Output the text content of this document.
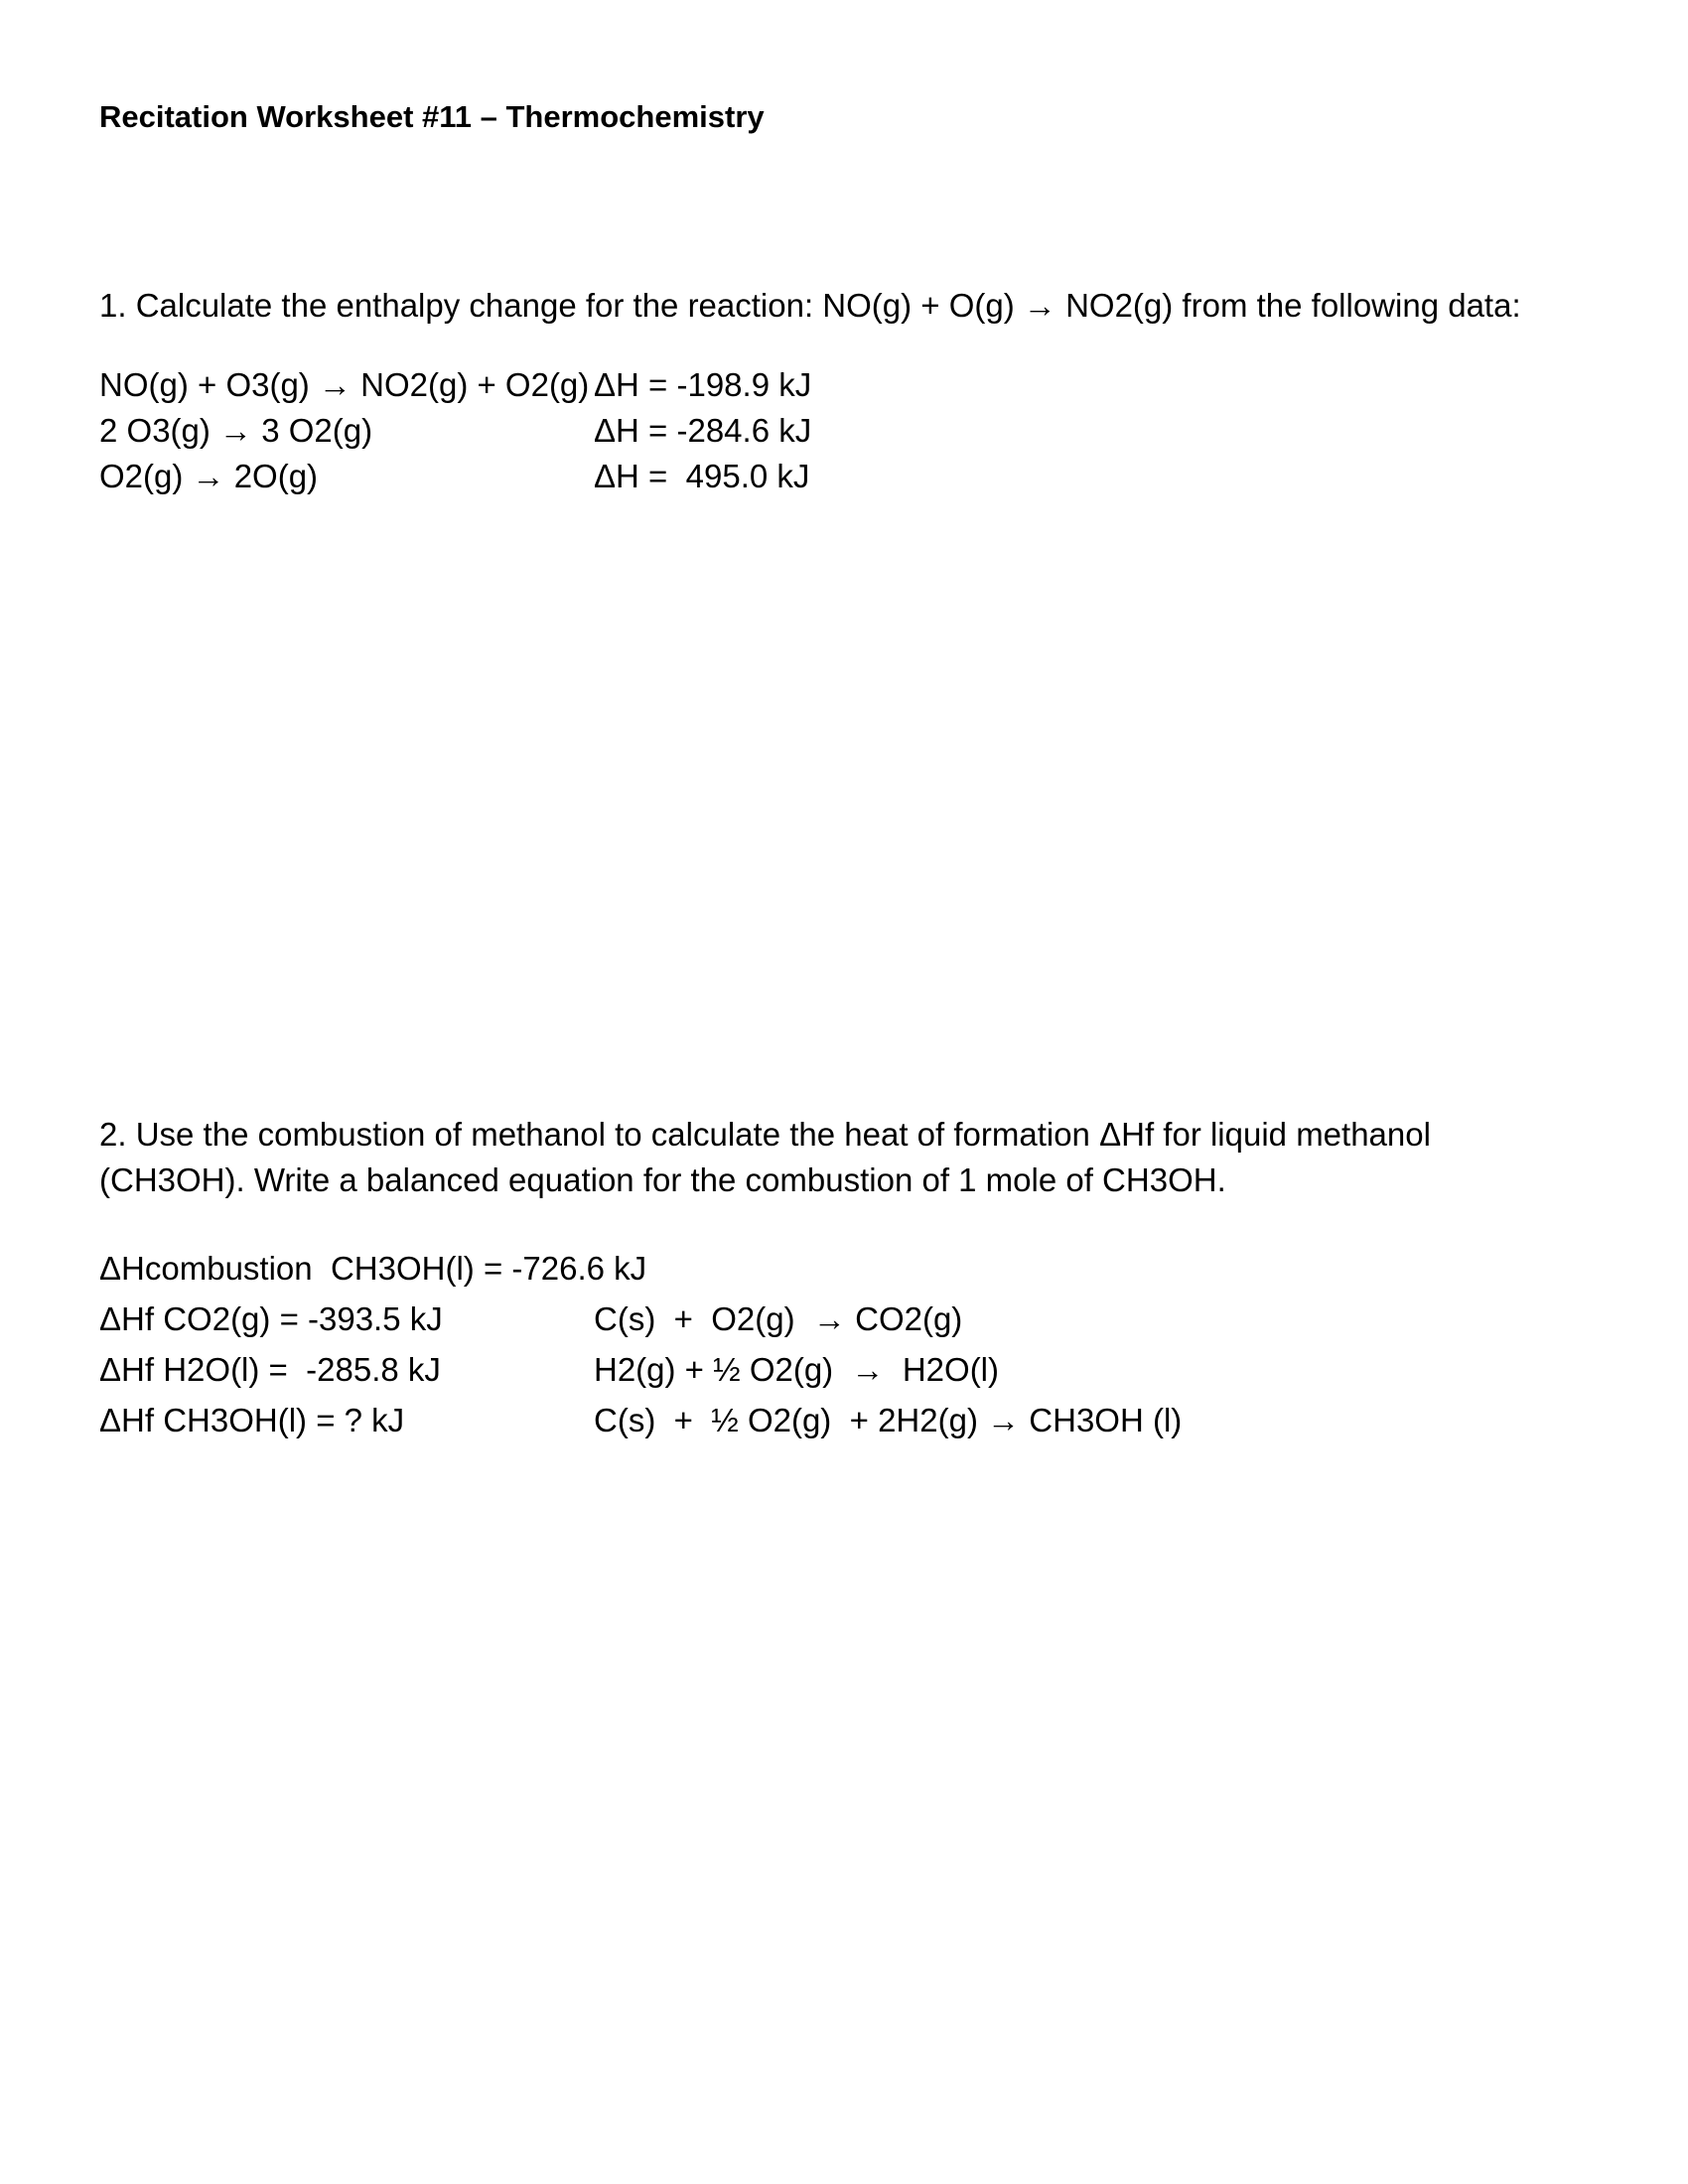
Recitation Worksheet #11 – Thermochemistry
1. Calculate the enthalpy change for the reaction: NO(g) + O(g) → NO2(g) from the following data:
NO(g) + O3(g) → NO2(g) + O2(g) ΔH = -198.9 kJ
2 O3(g) → 3 O2(g)	ΔH = -284.6 kJ
O2(g) → 2O(g)	ΔH =  495.0 kJ
2. Use the combustion of methanol to calculate the heat of formation ΔHf for liquid methanol
(CH3OH). Write a balanced equation for the combustion of 1 mole of CH3OH.
ΔHcombustion  CH3OH(l) = -726.6 kJ
ΔHf CO2(g) = -393.5 kJ	C(s)  +  O2(g)  → CO2(g)
ΔHf H2O(l) =  -285.8 kJ	H2(g) + ½ O2(g)  →  H2O(l)
ΔHf CH3OH(l) = ? kJ	C(s)  +  ½ O2(g)  + 2H2(g) → CH3OH (l)
